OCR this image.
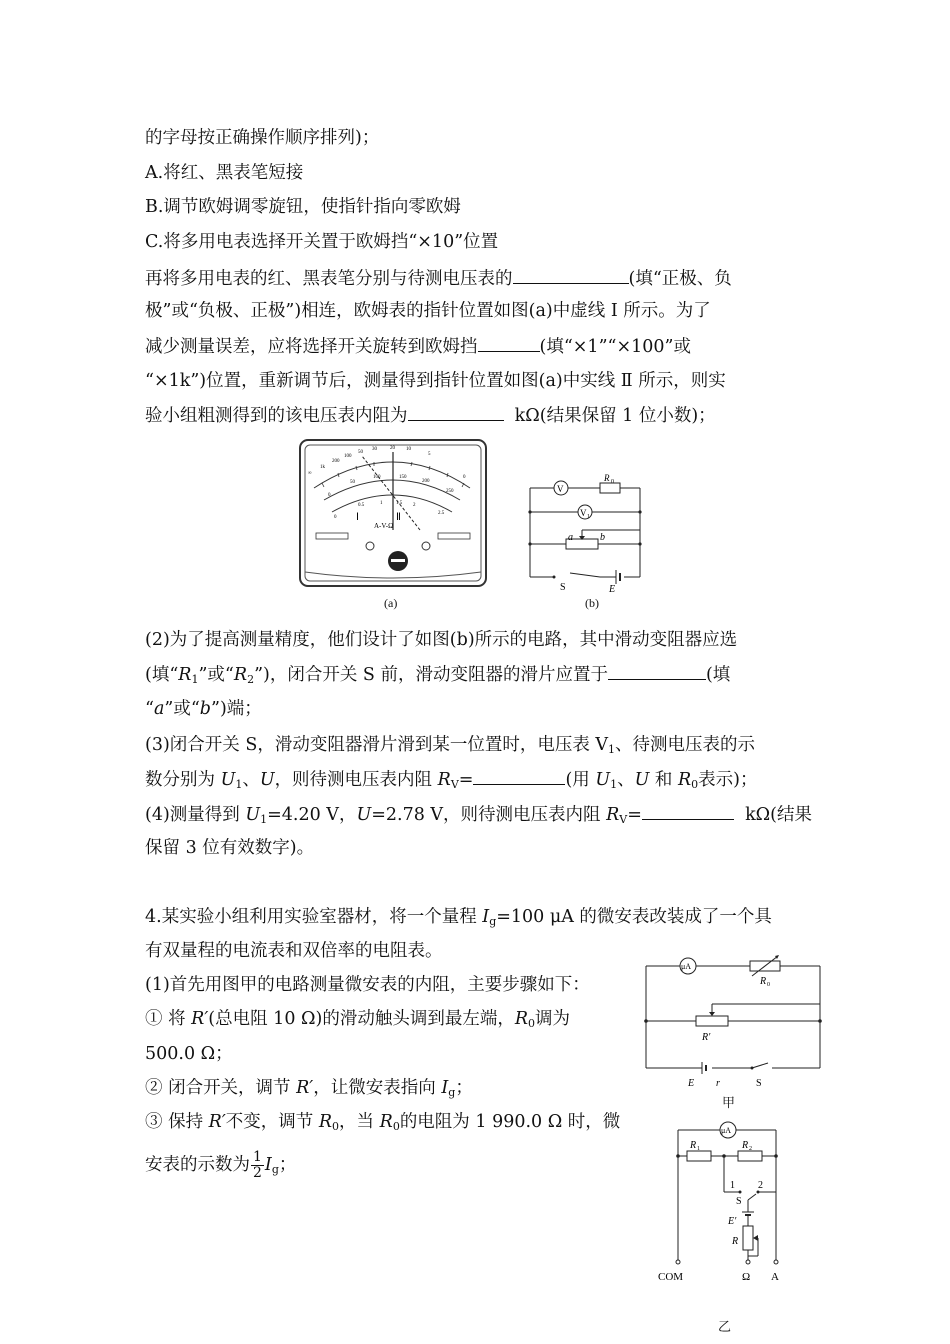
的字母按正确操作顺序排列)；
A.将红、黑表笔短接
B.调节欧姆调零旋钮，使指针指向零欧姆
C.将多用电表选择开关置于欧姆挡“×10”位置
再将多用电表的红、黑表笔分别与待测电压表的	(填“正极、负
极”或“负极、正极”)相连，欧姆表的指针位置如图(a)中虚线 Ⅰ 所示。为了
减少测量误差，应将选择开关旋转到欧姆挡	(填“×1”“×100”或
“×1k”)位置，重新调节后，测量得到指针位置如图(a)中实线 Ⅱ 所示，则实
验小组粗测得到的该电压表内阻为	kΩ(结果保留 1 位小数)；
∞
1k
200
100
50
30	20 10
5
0
0
50
100	150
200
250
0
0.5	1	1.5 2
2.5
Ⅰ	Ⅱ
A-V-Ω
(a)
V
V 1
R 0
a	b
S	E
(b)
(2)为了提高测量精度，他们设计了如图(b)所示的电路，其中滑动变阻器应选
(填“$R_1$”或“$R_2$”)，闭合开关 S 前，滑动变阻器的滑片应置于	(填
“a”或“b”)端；
(3)闭合开关 S，滑动变阻器滑片滑到某一位置时，电压表 $V_1$、待测电压表的示
数分别为 $U_1$、U，则待测电压表内阻 $R_V=$	(用 $U_1$、U 和 $R_0$表示)；
(4)测量得到 $U_1=4.20$ V，U=2.78 V，则待测电压表内阻 $R_V=$	kΩ(结果
保留 3 位有效数字)。
4.某实验小组利用实验室器材，将一个量程 $I_g=100$ μA 的微安表改装成了一个具
有双量程的电流表和双倍率的电阻表。
(1)首先用图甲的电路测量微安表的内阻，主要步骤如下：
① 将 R′(总电阻 10 Ω)的滑动触头调到最左端，$R_0$调为
500.0 Ω；
② 闭合开关，调节 R′，让微安表指向 $I_g$；
③ 保持 R′不变，调节 $R_0$，当 $R_0$的电阻为 1 990.0 Ω 时，微
安表的示数为 $\frac{1}{2} I_g$；
μA
R 0
R′
E r	S
甲
μA
R 1	R 2
1 2
S
E′
R
COM	Ω A
乙
